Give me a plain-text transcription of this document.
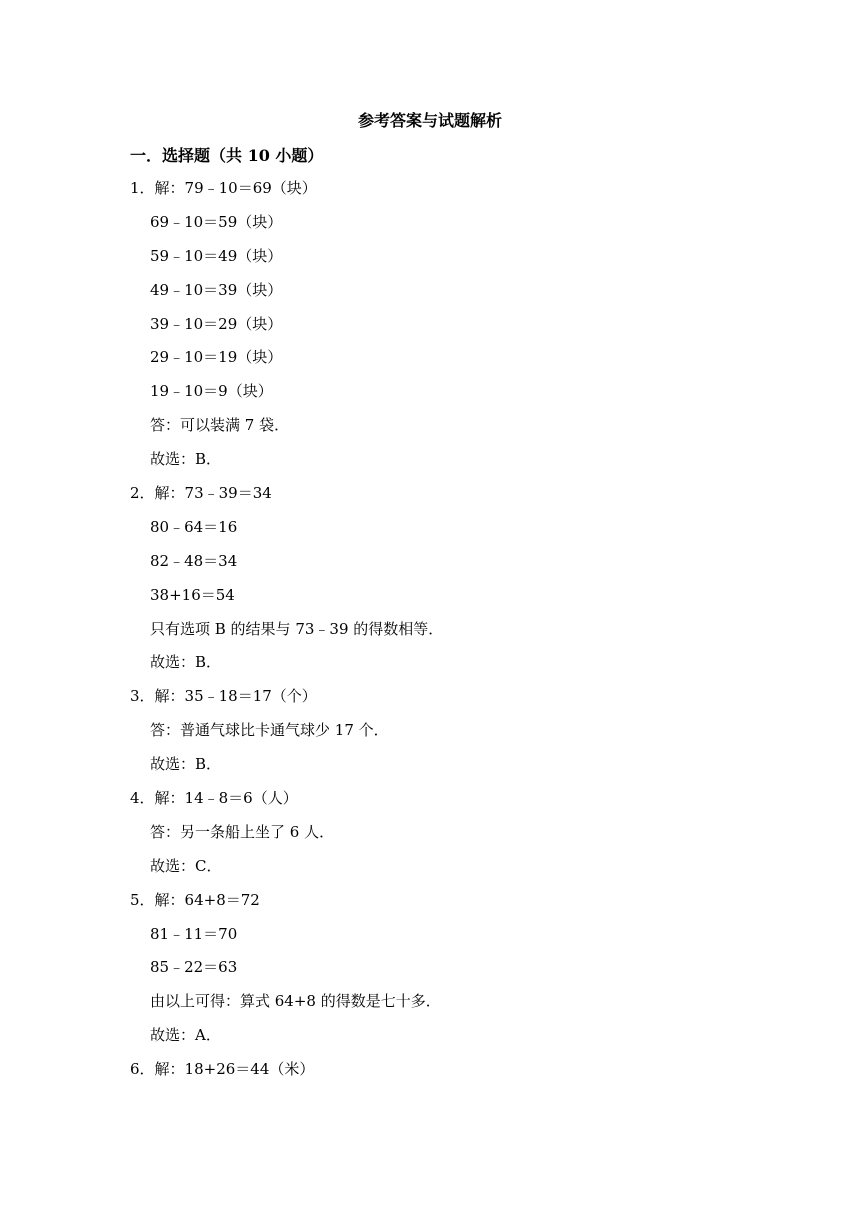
参考答案与试题解析
一．选择题（共 10 小题）
1．解：79﹣10＝69（块）
69﹣10＝59（块）
59﹣10＝49（块）
49﹣10＝39（块）
39﹣10＝29（块）
29﹣10＝19（块）
19﹣10＝9（块）
答：可以装满 7 袋．
故选：B．
2．解：73﹣39＝34
80﹣64＝16
82﹣48＝34
38+16＝54
只有选项 B 的结果与 73﹣39 的得数相等．
故选：B．
3．解：35﹣18＝17（个）
答：普通气球比卡通气球少 17 个．
故选：B．
4．解：14﹣8＝6（人）
答：另一条船上坐了 6 人．
故选：C．
5．解：64+8＝72
81﹣11＝70
85﹣22＝63
由以上可得：算式 64+8 的得数是七十多．
故选：A．
6．解：18+26＝44（米）
